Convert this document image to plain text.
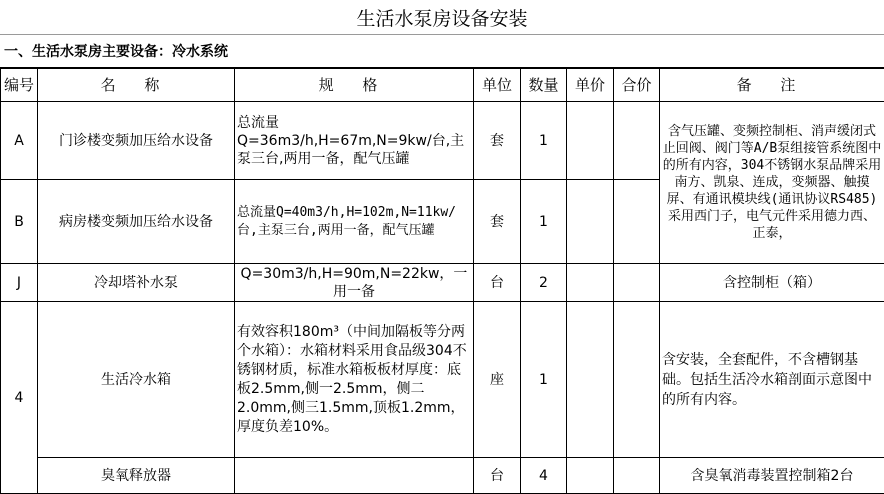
生活水泵房设备安装
一、生活水泵房主要设备：冷水系统
编号	名 称	规 格	单位	数量	单价	合价	备 注
A	门诊楼变频加压给水设备	总流量Q=36m3/h,H=67m,N=9kw/台,主泵三台,两用一备，配气压罐	套	1			含气压罐、变频控制柜、消声缓闭式止回阀、阀门等A/B泵组接管系统图中的所有内容，304不锈钢水泵品牌采用南方、凯泉、连成，变频器、触摸屏、有通讯模块线(通讯协议RS485)采用西门子，电气元件采用德力西、正泰，
B	病房楼变频加压给水设备	总流量Q=40m3/h,H=102m,N=11kw/台,主泵三台,两用一备，配气压罐	套	1			
J	冷却塔补水泵	Q=30m3/h,H=90m,N=22kw，一用一备	台	2			含控制柜（箱）
4	生活冷水箱	有效容积180m³（中间加隔板等分两个水箱）：水箱材料采用食品级304不锈钢材质，标准水箱板板材厚度：底板2.5mm,侧一2.5mm，侧二2.0mm,侧三1.5mm,顶板1.2mm，厚度负差10%。	座	1			含安装，全套配件，不含槽钢基础。包括生活冷水箱剖面示意图中的所有内容。
	臭氧释放器		台	4			含臭氧消毒装置控制箱2台
